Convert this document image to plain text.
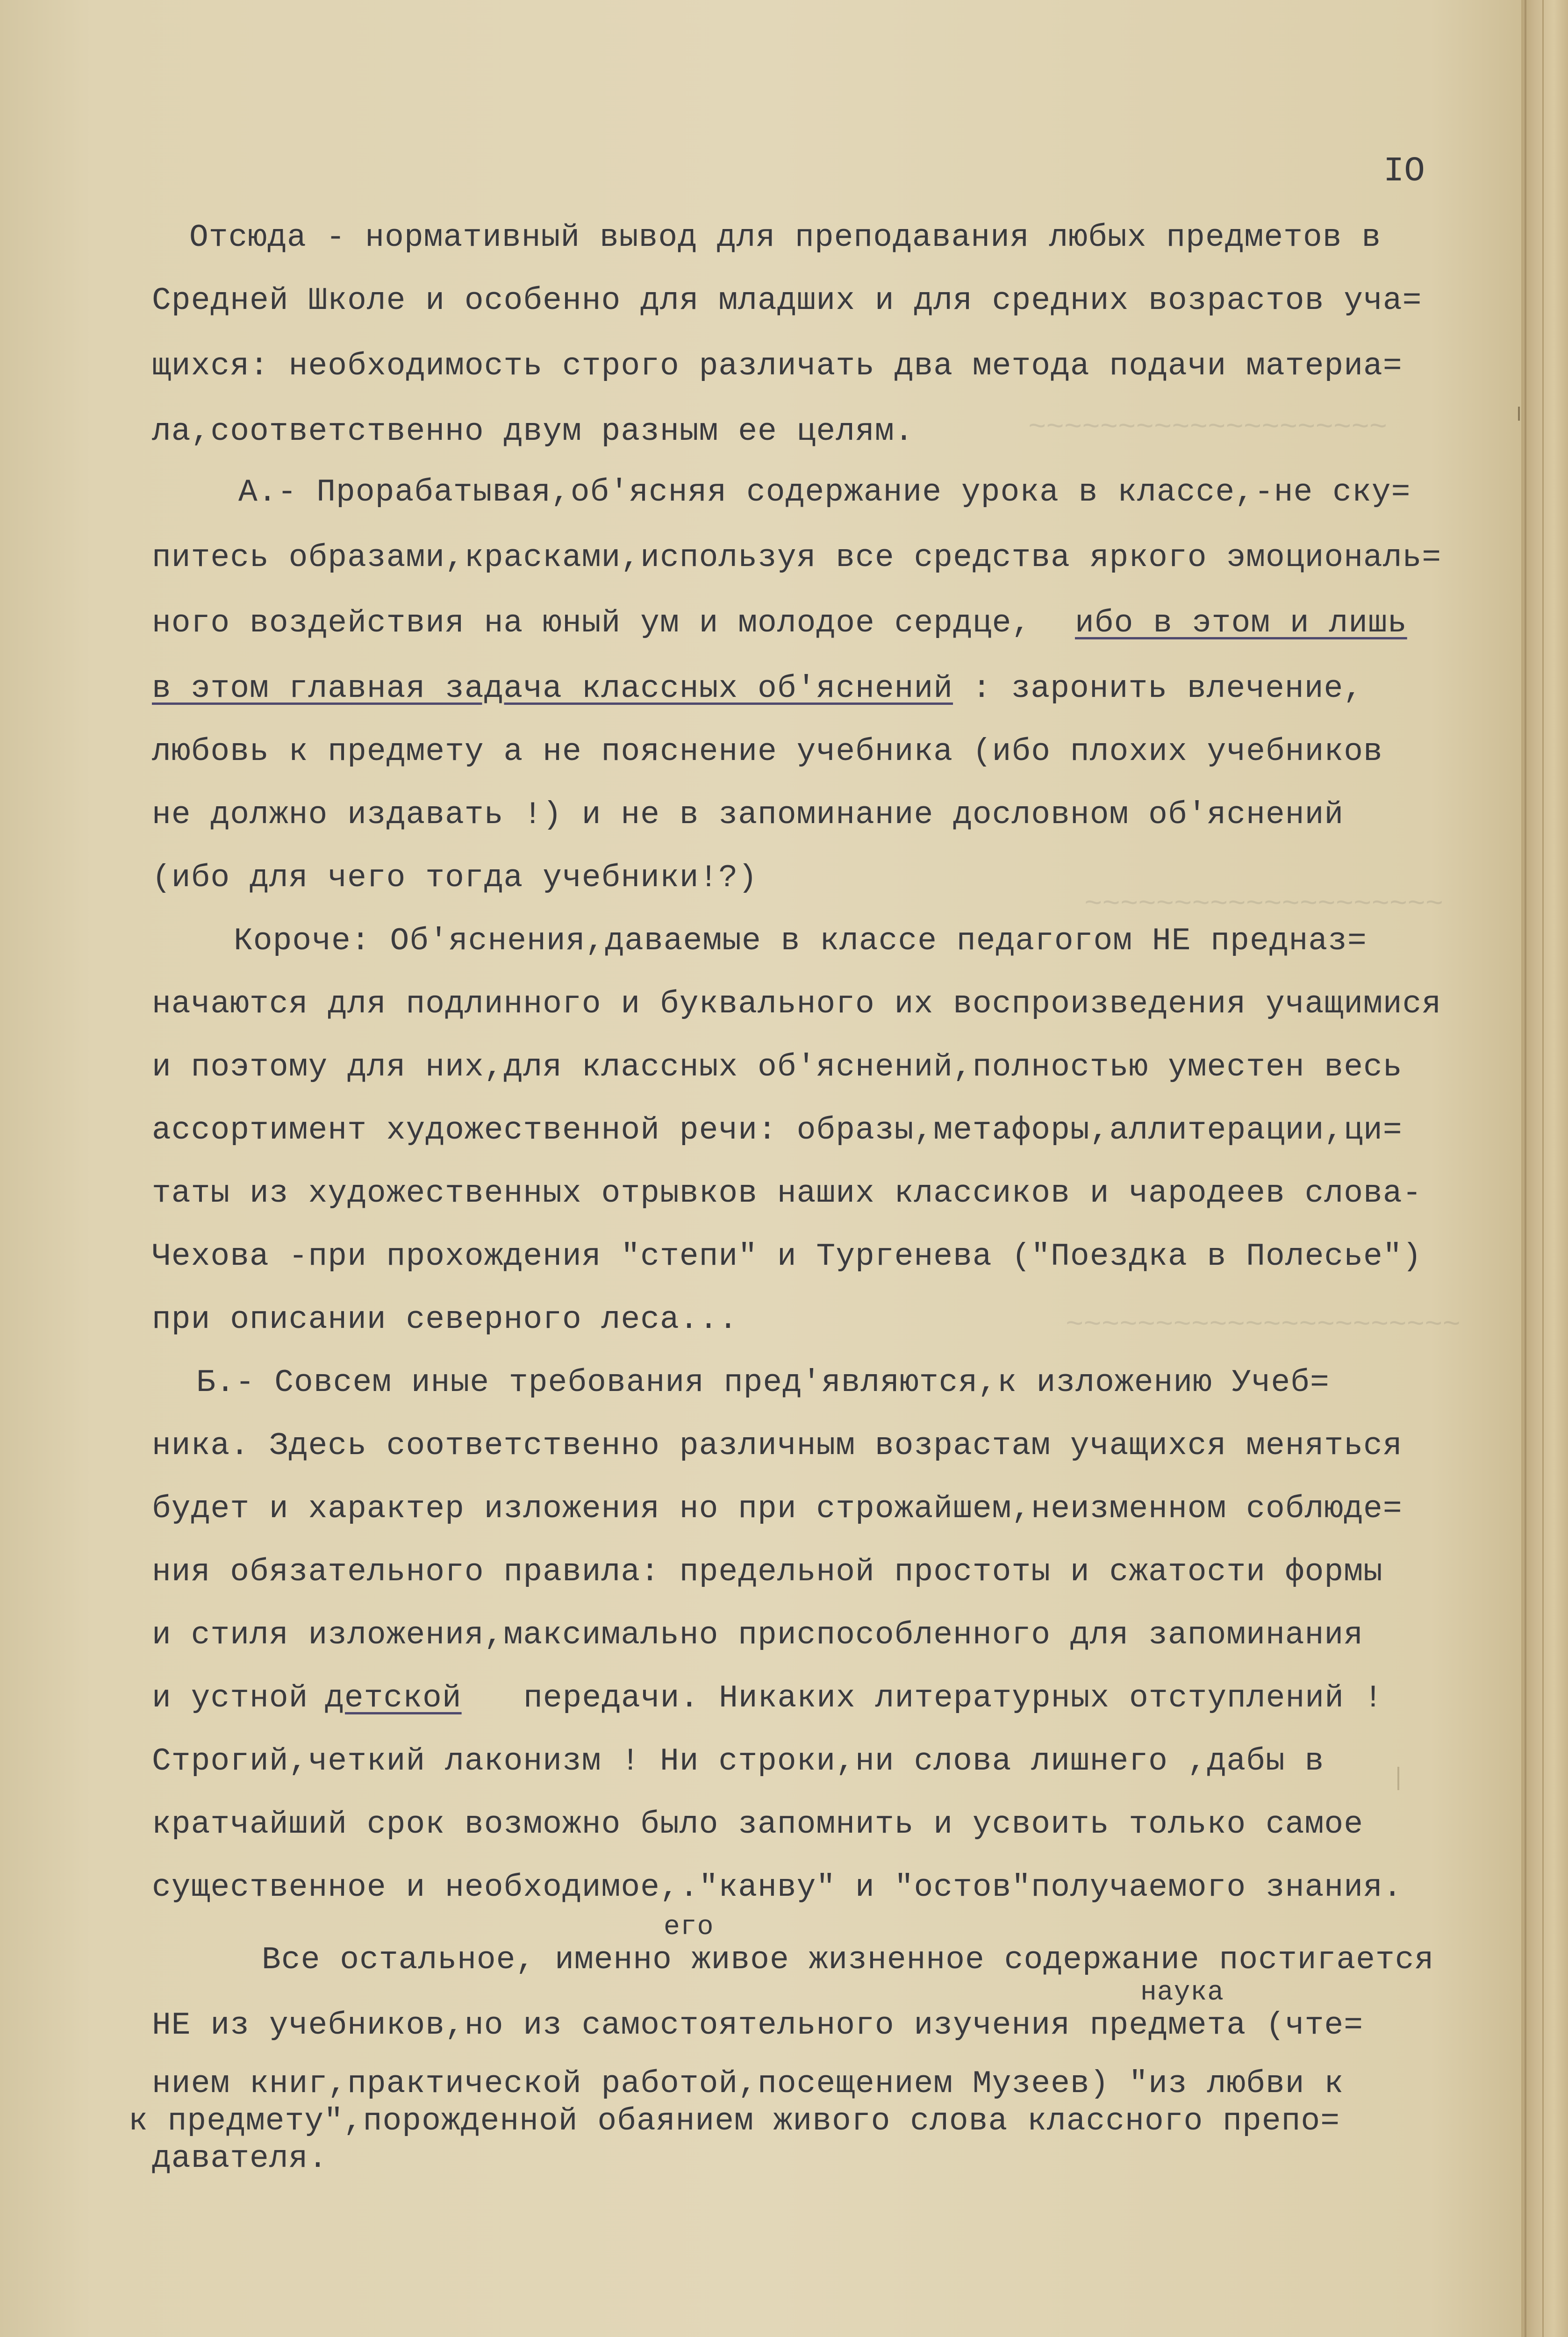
~~~~~~~~~~~~~~~~~~~~
~~~~~~~~~~~~~~~~~~~~
~~~~~~~~~~~~~~~~~~~~~~
IO
Отсюда - нормативный вывод для преподавания любых предметов в
Средней Школе и особенно для младших и для средних возрастов уча=
щихся: необходимость строго различать два метода подачи материа=
ла,соответственно двум разным ее целям.
А.- Прорабатывая,об'ясняя содержание урока в классе,-не ску=
питесь образами,красками,используя все средства яркого эмоциональ=
ного воздействия на юный ум и молодое сердце, ибо в этом и лишь
в этом главная задача классных об'яснений : заронить влечение,
любовь к предмету а не пояснение учебника (ибо плохих учебников
не должно издавать !) и не в запоминание дословном об'яснений
(ибо для чего тогда учебники!?)
Короче: Об'яснения,даваемые в классе педагогом НЕ предназ=
начаются для подлинного и буквального их воспроизведения учащимися
и поэтому для них,для классных об'яснений,полностью уместен весь
ассортимент художественной речи: образы,метафоры,аллитерации,ци=
таты из художественных отрывков наших классиков и чародеев слова-
Чехова -при прохождения "степи" и Тургенева ("Поездка в Полесье")
при описании северного леса...
Б.- Совсем иные требования пред'являются,к изложению Учеб=
ника. Здесь соответственно различным возрастам учащихся меняться
будет и характер изложения но при строжайшем,неизменном соблюде=
ния обязательного правила: предельной простоты и сжатости формы
и стиля изложения,максимально приспособленного для запоминания
и устной детской передачи. Никаких литературных отступлений !
Строгий,четкий лаконизм ! Ни строки,ни слова лишнего ,дабы в
кратчайший срок возможно было запомнить и усвоить только самое
существенное и необходимое,."канву" и "остов"получаемого знания.
его
Все остальное, именно живое жизненное содержание постигается
наука
НЕ из учебников,но из самостоятельного изучения предмета (чте=
нием книг,практической работой,посещением Музеев) "из любви к
к предмету",порожденной обаянием живого слова классного препо=
давателя.
